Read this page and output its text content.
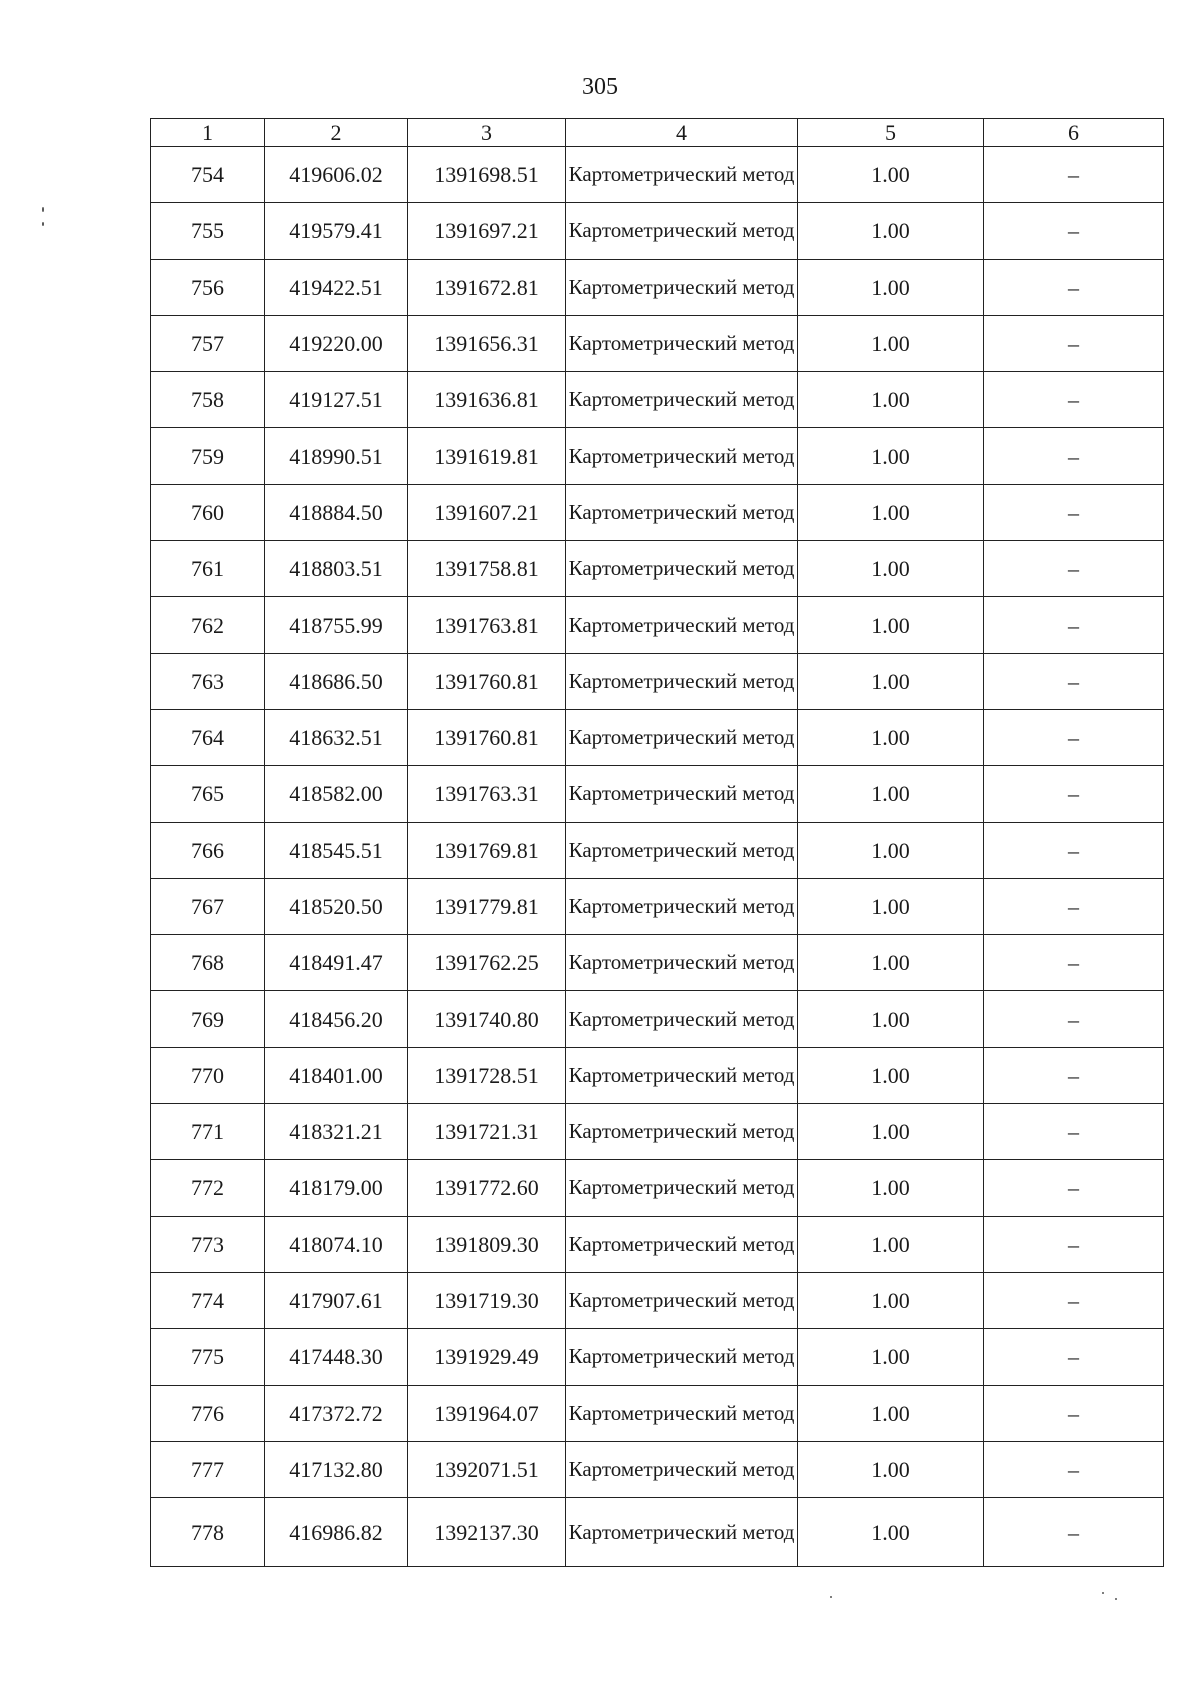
305
1	2	3	4	5	6
754	419606.02	1391698.51	Картометрический метод	1.00	–
755	419579.41	1391697.21	Картометрический метод	1.00	–
756	419422.51	1391672.81	Картометрический метод	1.00	–
757	419220.00	1391656.31	Картометрический метод	1.00	–
758	419127.51	1391636.81	Картометрический метод	1.00	–
759	418990.51	1391619.81	Картометрический метод	1.00	–
760	418884.50	1391607.21	Картометрический метод	1.00	–
761	418803.51	1391758.81	Картометрический метод	1.00	–
762	418755.99	1391763.81	Картометрический метод	1.00	–
763	418686.50	1391760.81	Картометрический метод	1.00	–
764	418632.51	1391760.81	Картометрический метод	1.00	–
765	418582.00	1391763.31	Картометрический метод	1.00	–
766	418545.51	1391769.81	Картометрический метод	1.00	–
767	418520.50	1391779.81	Картометрический метод	1.00	–
768	418491.47	1391762.25	Картометрический метод	1.00	–
769	418456.20	1391740.80	Картометрический метод	1.00	–
770	418401.00	1391728.51	Картометрический метод	1.00	–
771	418321.21	1391721.31	Картометрический метод	1.00	–
772	418179.00	1391772.60	Картометрический метод	1.00	–
773	418074.10	1391809.30	Картометрический метод	1.00	–
774	417907.61	1391719.30	Картометрический метод	1.00	–
775	417448.30	1391929.49	Картометрический метод	1.00	–
776	417372.72	1391964.07	Картометрический метод	1.00	–
777	417132.80	1392071.51	Картометрический метод	1.00	–
778	416986.82	1392137.30	Картометрический метод	1.00	–
